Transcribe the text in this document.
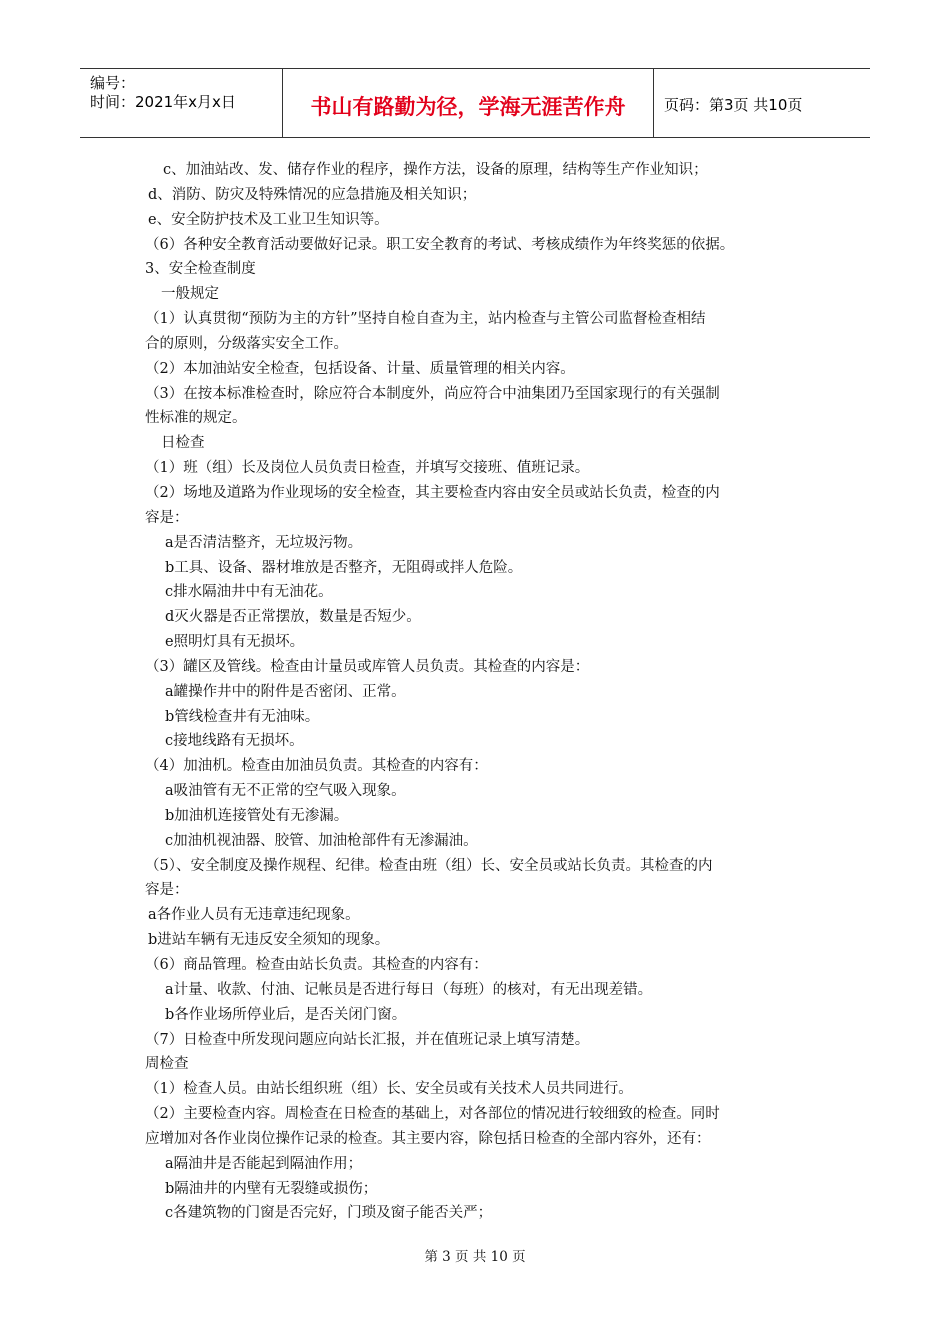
编号：
时间：2021年x月x日	书山有路勤为径，学海无涯苦作舟	页码：第3页 共10页
c、加油站改、发、储存作业的程序，操作方法，设备的原理，结构等生产作业知识；
d、消防、防灾及特殊情况的应急措施及相关知识；
e、安全防护技术及工业卫生知识等。
（6）各种安全教育活动要做好记录。职工安全教育的考试、考核成绩作为年终奖惩的依据。
3、安全检查制度
一般规定
（1）认真贯彻“预防为主的方针”坚持自检自查为主，站内检查与主管公司监督检查相结
合的原则，分级落实安全工作。
（2）本加油站安全检查，包括设备、计量、质量管理的相关内容。
（3）在按本标准检查时，除应符合本制度外，尚应符合中油集团乃至国家现行的有关强制
性标准的规定。
日检查
（1）班（组）长及岗位人员负责日检查，并填写交接班、值班记录。
（2）场地及道路为作业现场的安全检查，其主要检查内容由安全员或站长负责，检查的内
容是：
a是否清洁整齐，无垃圾污物。
b工具、设备、器材堆放是否整齐，无阻碍或拌人危险。
c排水隔油井中有无油花。
d灭火器是否正常摆放，数量是否短少。
e照明灯具有无损坏。
（3）罐区及管线。检查由计量员或库管人员负责。其检查的内容是：
a罐操作井中的附件是否密闭、正常。
b管线检查井有无油味。
c接地线路有无损坏。
（4）加油机。检查由加油员负责。其检查的内容有：
a吸油管有无不正常的空气吸入现象。
b加油机连接管处有无渗漏。
c加油机视油器、胶管、加油枪部件有无渗漏油。
（5）、安全制度及操作规程、纪律。检查由班（组）长、安全员或站长负责。其检查的内
容是：
a各作业人员有无违章违纪现象。
b进站车辆有无违反安全须知的现象。
（6）商品管理。检查由站长负责。其检查的内容有：
a计量、收款、付油、记帐员是否进行每日（每班）的核对，有无出现差错。
b各作业场所停业后，是否关闭门窗。
（7）日检查中所发现问题应向站长汇报，并在值班记录上填写清楚。
周检查
（1）检查人员。由站长组织班（组）长、安全员或有关技术人员共同进行。
（2）主要检查内容。周检查在日检查的基础上，对各部位的情况进行较细致的检查。同时
应增加对各作业岗位操作记录的检查。其主要内容，除包括日检查的全部内容外，还有：
a隔油井是否能起到隔油作用；
b隔油井的内壁有无裂缝或损伤；
c各建筑物的门窗是否完好，门琐及窗子能否关严；
第 3 页 共 10 页
